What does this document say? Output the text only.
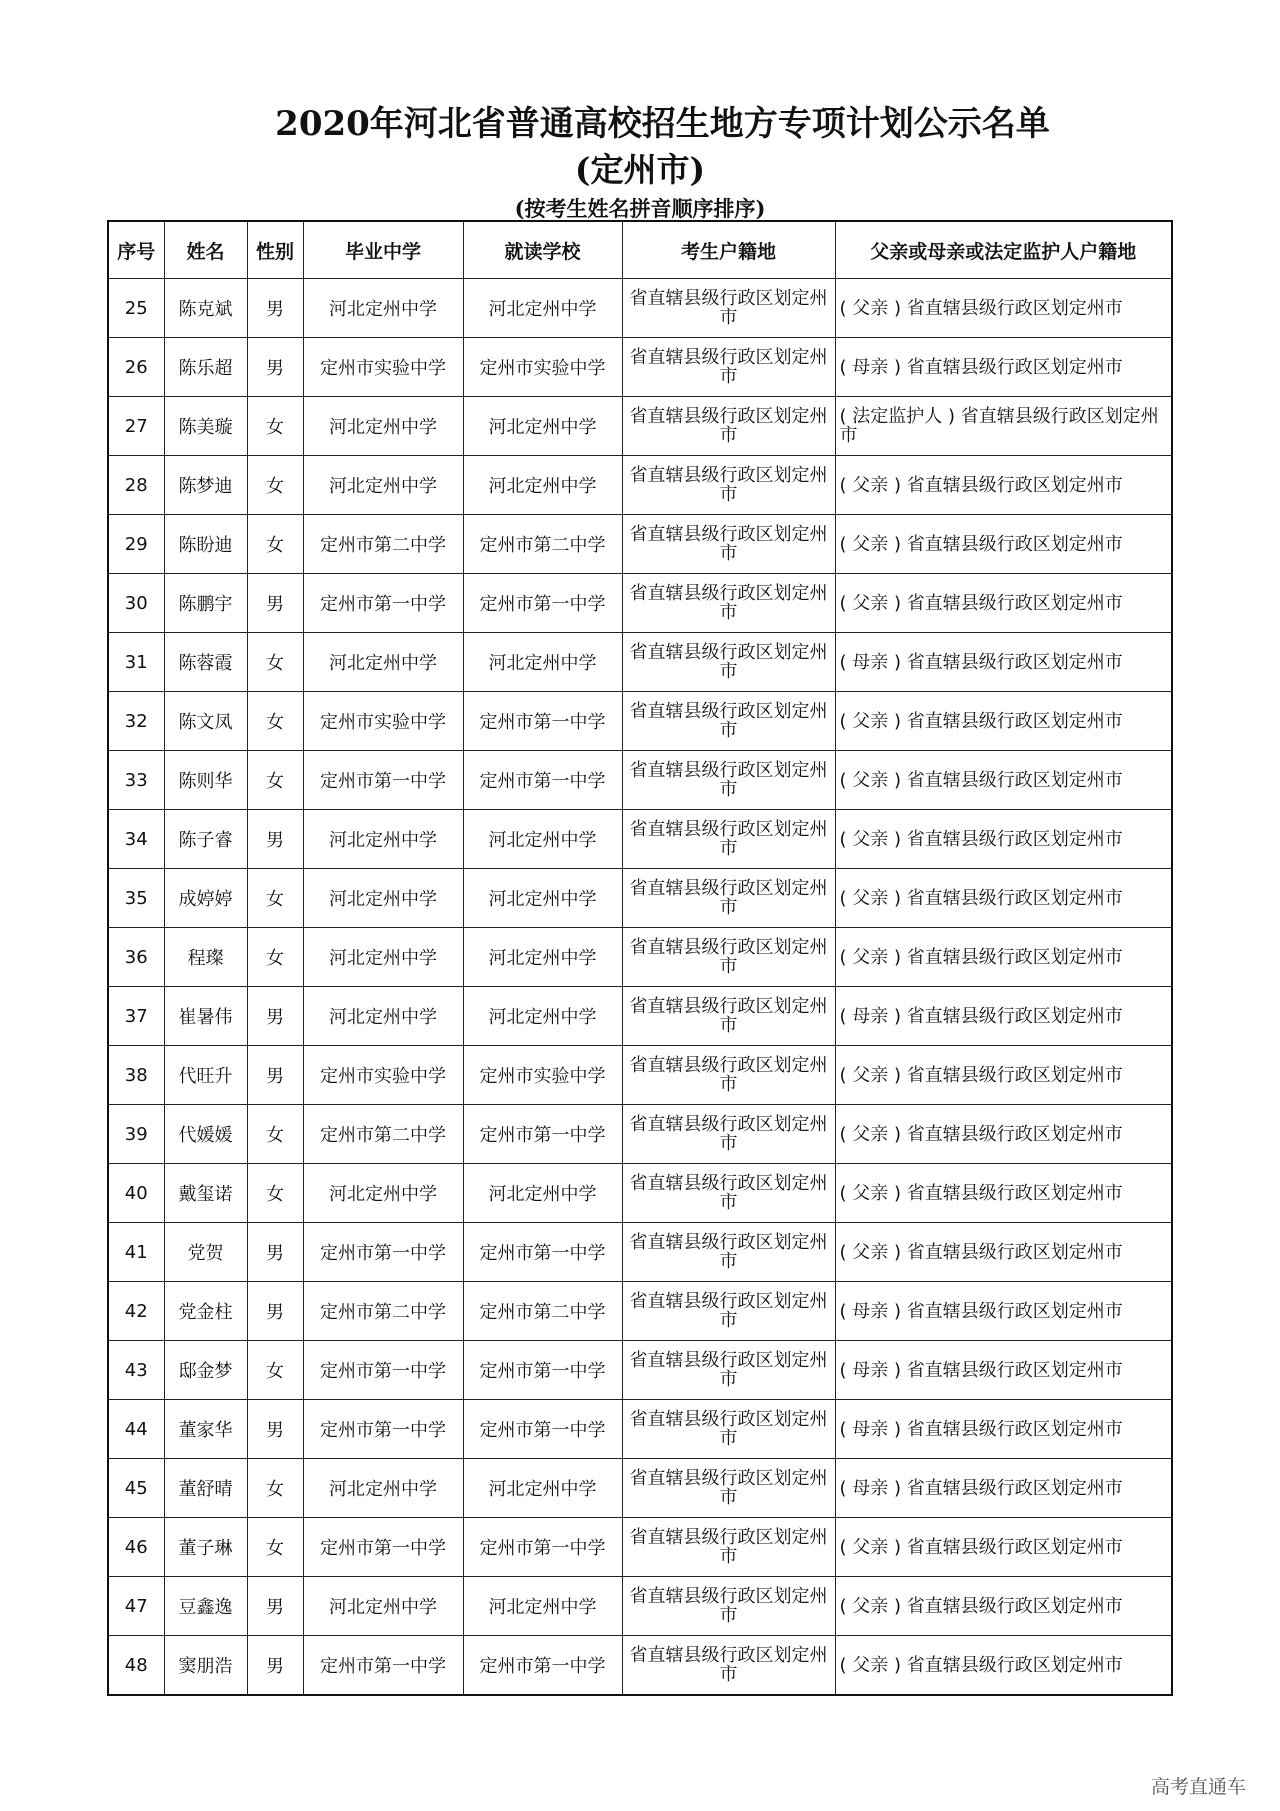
2020年河北省普通高校招生地方专项计划公示名单
(定州市)
(按考生姓名拼音顺序排序)
序号	姓名	性别	毕业中学	就读学校	考生户籍地	父亲或母亲或法定监护人户籍地
25	陈克斌	男	河北定州中学	河北定州中学	省直辖县级行政区划定州市	( 父亲 ) 省直辖县级行政区划定州市
26	陈乐超	男	定州市实验中学	定州市实验中学	省直辖县级行政区划定州市	( 母亲 ) 省直辖县级行政区划定州市
27	陈美璇	女	河北定州中学	河北定州中学	省直辖县级行政区划定州市	( 法定监护人 ) 省直辖县级行政区划定州市
28	陈梦迪	女	河北定州中学	河北定州中学	省直辖县级行政区划定州市	( 父亲 ) 省直辖县级行政区划定州市
29	陈盼迪	女	定州市第二中学	定州市第二中学	省直辖县级行政区划定州市	( 父亲 ) 省直辖县级行政区划定州市
30	陈鹏宇	男	定州市第一中学	定州市第一中学	省直辖县级行政区划定州市	( 父亲 ) 省直辖县级行政区划定州市
31	陈蓉霞	女	河北定州中学	河北定州中学	省直辖县级行政区划定州市	( 母亲 ) 省直辖县级行政区划定州市
32	陈文凤	女	定州市实验中学	定州市第一中学	省直辖县级行政区划定州市	( 父亲 ) 省直辖县级行政区划定州市
33	陈则华	女	定州市第一中学	定州市第一中学	省直辖县级行政区划定州市	( 父亲 ) 省直辖县级行政区划定州市
34	陈子睿	男	河北定州中学	河北定州中学	省直辖县级行政区划定州市	( 父亲 ) 省直辖县级行政区划定州市
35	成婷婷	女	河北定州中学	河北定州中学	省直辖县级行政区划定州市	( 父亲 ) 省直辖县级行政区划定州市
36	程璨	女	河北定州中学	河北定州中学	省直辖县级行政区划定州市	( 父亲 ) 省直辖县级行政区划定州市
37	崔暑伟	男	河北定州中学	河北定州中学	省直辖县级行政区划定州市	( 母亲 ) 省直辖县级行政区划定州市
38	代旺升	男	定州市实验中学	定州市实验中学	省直辖县级行政区划定州市	( 父亲 ) 省直辖县级行政区划定州市
39	代媛媛	女	定州市第二中学	定州市第一中学	省直辖县级行政区划定州市	( 父亲 ) 省直辖县级行政区划定州市
40	戴玺诺	女	河北定州中学	河北定州中学	省直辖县级行政区划定州市	( 父亲 ) 省直辖县级行政区划定州市
41	党贺	男	定州市第一中学	定州市第一中学	省直辖县级行政区划定州市	( 父亲 ) 省直辖县级行政区划定州市
42	党金柱	男	定州市第二中学	定州市第二中学	省直辖县级行政区划定州市	( 母亲 ) 省直辖县级行政区划定州市
43	邸金梦	女	定州市第一中学	定州市第一中学	省直辖县级行政区划定州市	( 母亲 ) 省直辖县级行政区划定州市
44	董家华	男	定州市第一中学	定州市第一中学	省直辖县级行政区划定州市	( 母亲 ) 省直辖县级行政区划定州市
45	董舒晴	女	河北定州中学	河北定州中学	省直辖县级行政区划定州市	( 母亲 ) 省直辖县级行政区划定州市
46	董子琳	女	定州市第一中学	定州市第一中学	省直辖县级行政区划定州市	( 父亲 ) 省直辖县级行政区划定州市
47	豆鑫逸	男	河北定州中学	河北定州中学	省直辖县级行政区划定州市	( 父亲 ) 省直辖县级行政区划定州市
48	窦朋浩	男	定州市第一中学	定州市第一中学	省直辖县级行政区划定州市	( 父亲 ) 省直辖县级行政区划定州市
高考直通车
